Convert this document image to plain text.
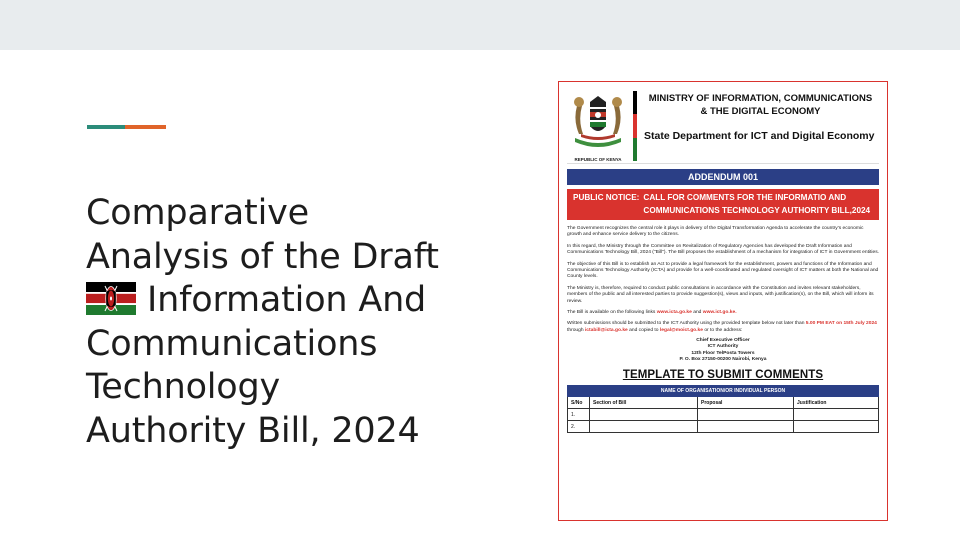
Comparative
Analysis of the Draft
Information And
Communications
Technology
Authority Bill, 2024
REPUBLIC OF KENYA
MINISTRY OF INFORMATION, COMMUNICATIONS
& THE DIGITAL ECONOMY
State Department for ICT and Digital Economy
ADDENDUM 001
PUBLIC NOTICE: CALL FOR COMMENTS FOR THE INFORMATIO AND COMMUNICATIONS TECHNOLOGY AUTHORITY BILL,2024

The Government recognizes the central role it plays in delivery of the Digital Transformation Agenda to accelerate the country's economic growth and enhance service delivery to the citizens.

In this regard, the Ministry through the Committee on Revitalization of Regulatory Agencies has developed the Draft Information and Communications Technology Bill, 2024 ("Bill"). The Bill proposes the establishment of a mechanism for integration of ICT in Government entities.

The objective of this Bill is to establish an Act to provide a legal framework for the establishment, powers and functions of the Information and Communications Technology Authority (ICTA) and provide for a well-coordinated and regulated oversight of ICT matters at both the National and County levels.

The Ministry is, therefore, required to conduct public consultations in accordance with the Constitution and invites relevant stakeholders, members of the public and all interested parties to provide suggestion(s), views and inputs, with justification(s), on the Bill, which will inform its review.

The Bill is available on the following links www.icta.go.ke and www.ict.go.ke.

Written submissions should be submitted to the ICT Authority using the provided template below not later than 5.00 PM EAT on 15th July 2024 through ictabill@icta.go.ke and copied to legal@moict.go.ke or to the address:

Chief Executive Officer
ICT Authority
12th Floor TelPosta Towers
P. O. Box 27150-00200 Nairobi, Kenya
TEMPLATE TO SUBMIT COMMENTS
NAME OF ORGANISATION/OR INDIVIDUAL PERSON			
S/No	Section of Bill	Proposal	Justification
1.			
2.			
